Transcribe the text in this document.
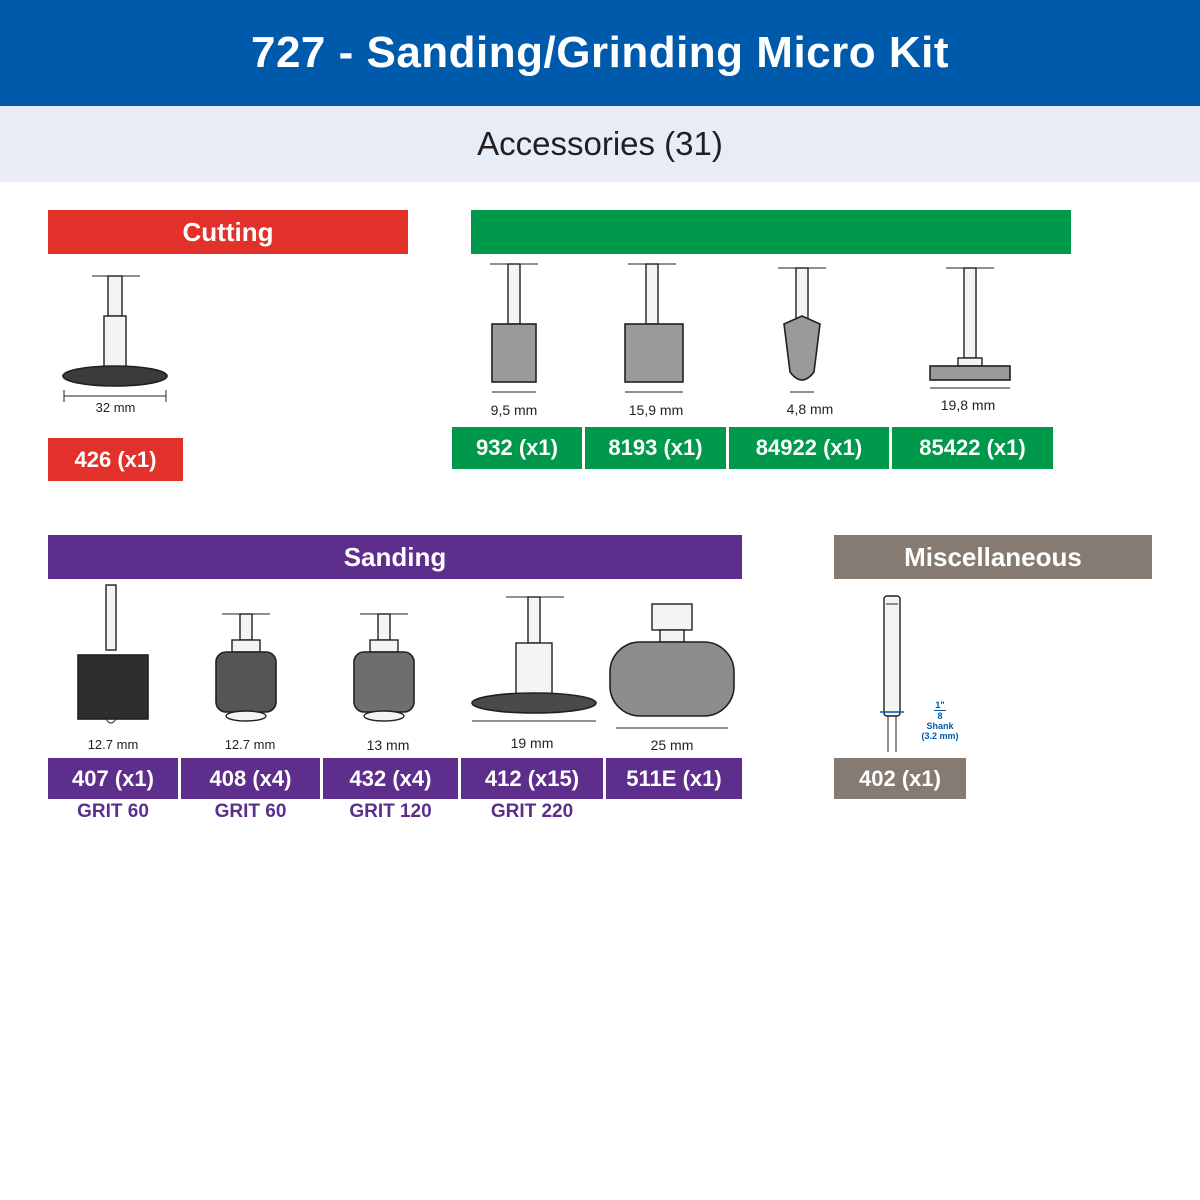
727 - Sanding/Grinding Micro Kit
Accessories (31)
Cutting
32 mm
426 (x1)
9,5 mm	15,9 mm	4,8 mm	19,8 mm
932 (x1) 8193 (x1) 84922 (x1)	85422 (x1)
Sanding
12.7 mm	12.7 mm	13 mm	19 mm	25 mm
407 (x1)	408 (x4)	432 (x4) 412 (x15) 511E (x1)
GRIT 60	GRIT 60	GRIT 120	GRIT 220
Miscellaneous
1"
8
Shank
(3.2 mm)
402 (x1)
